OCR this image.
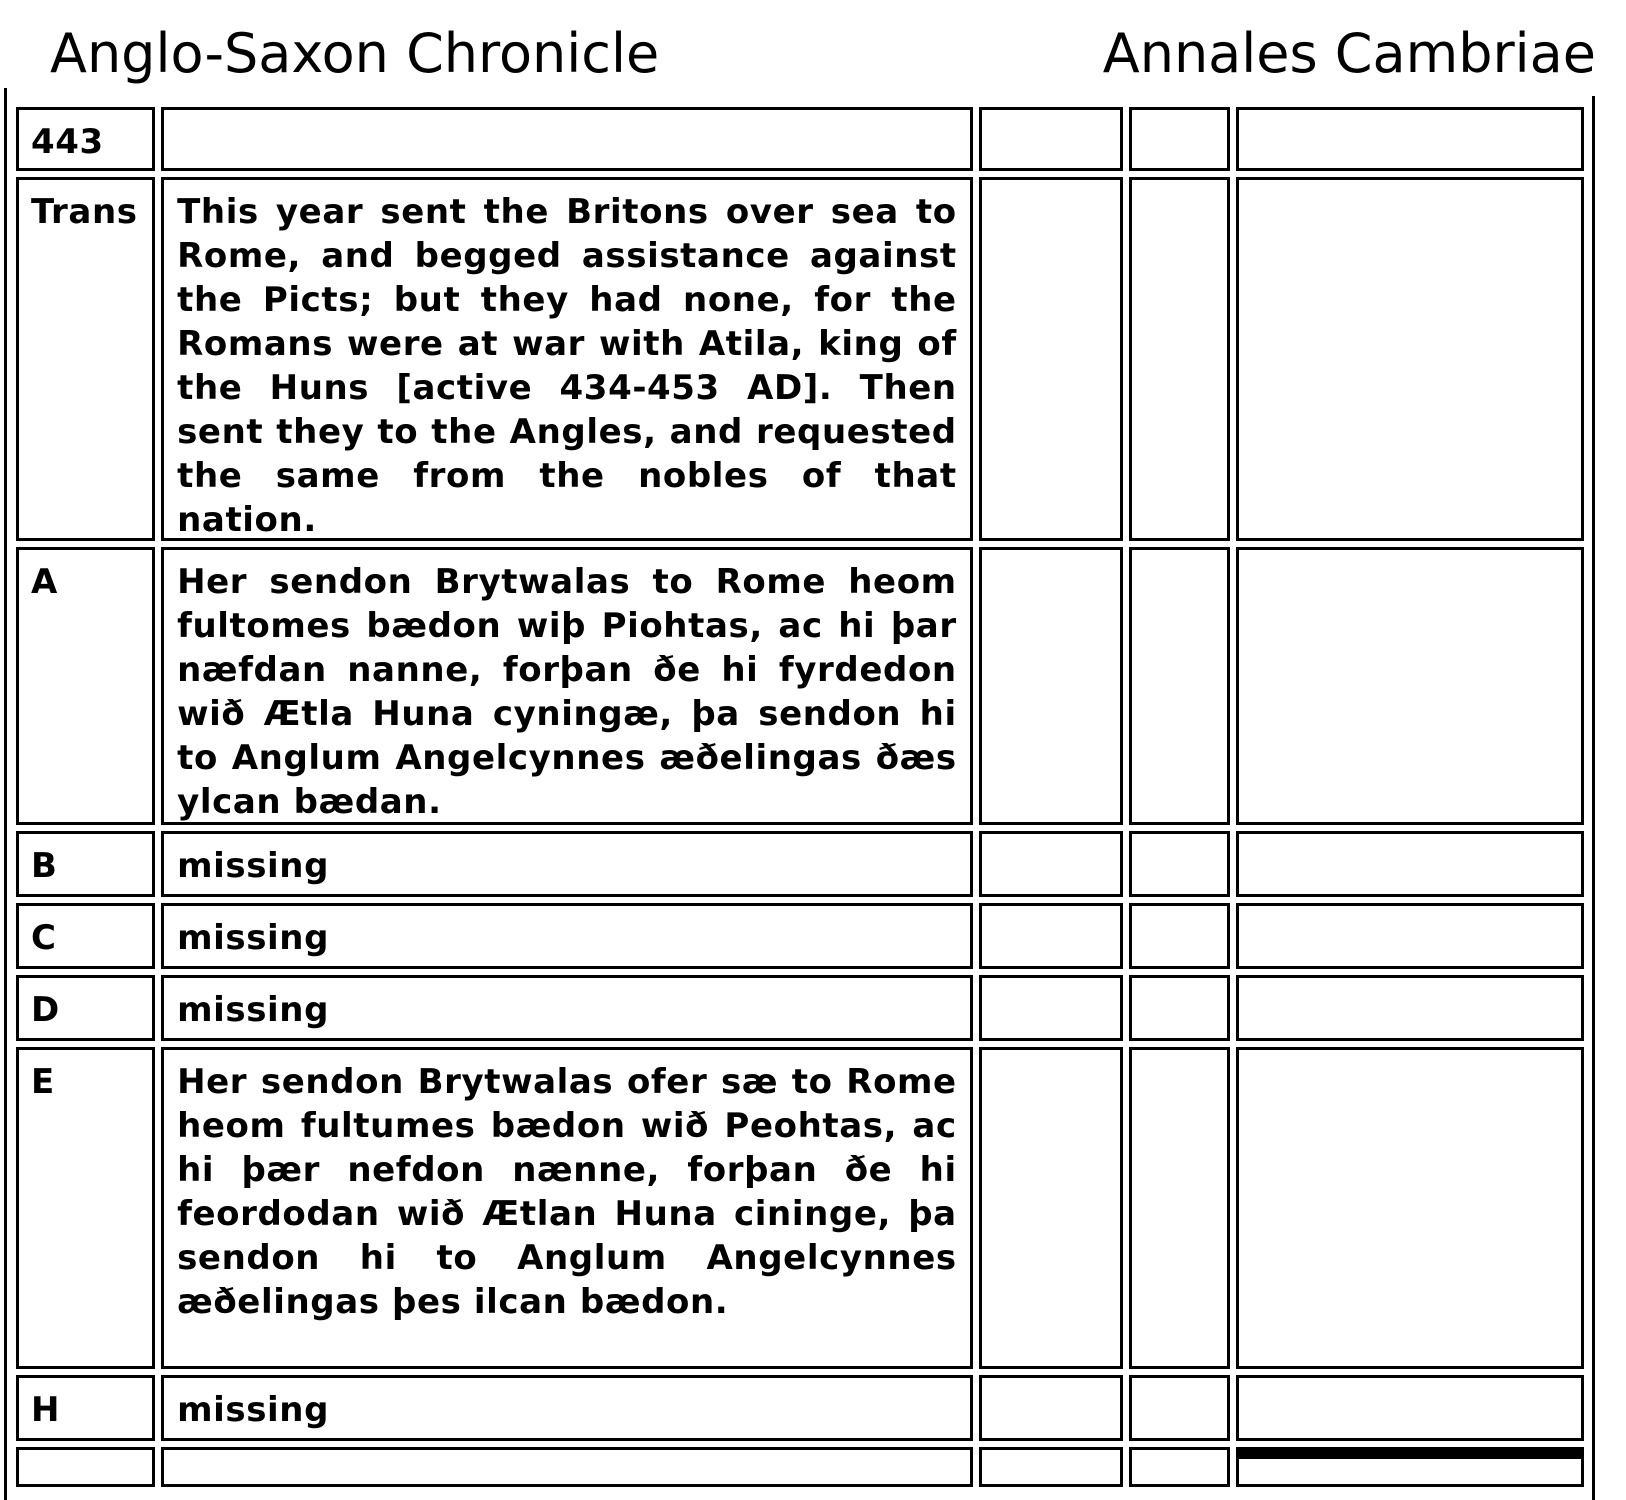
Anglo-Saxon Chronicle	Annales Cambriae
443
Trans	This year sent the Britons over sea to Rome, and begged assistance against the Picts; but they had none, for the Romans were at war with Atila, king of the Huns [active 434-453 AD]. Then sent they to the Angles, and requested the same from the nobles of that nation.
A	Her sendon Brytwalas to Rome heom fultomes bædon wiþ Piohtas, ac hi þar næfdan nanne, forþan ðe hi fyrdedon wið Ætla Huna cyningæ, þa sendon hi to Anglum Angelcynnes æðelingas ðæs ylcan bædan.
B	missing
C	missing
D	missing
E	Her sendon Brytwalas ofer sæ to Rome heom fultumes bædon wið Peohtas, ac hi þær nefdon nænne, forþan ðe hi feordodan wið Ætlan Huna cininge, þa sendon hi to Anglum Angelcynnes æðelingas þes ilcan bædon.
H	missing
